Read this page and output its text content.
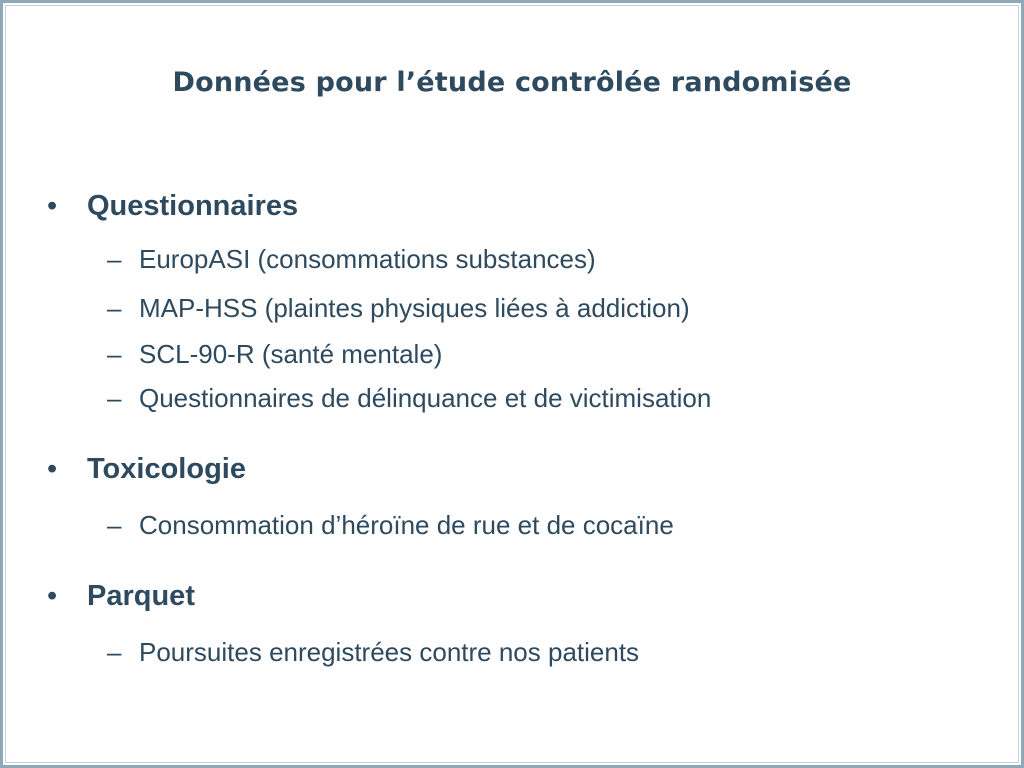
Données pour l’étude contrôlée randomisée
• Questionnaires
– EuropASI (consommations substances)
– MAP-HSS (plaintes physiques liées à addiction)
– SCL-90-R (santé mentale)
– Questionnaires de délinquance et de victimisation
• Toxicologie
– Consommation d’héroïne de rue et de cocaïne
• Parquet
– Poursuites enregistrées contre nos patients
